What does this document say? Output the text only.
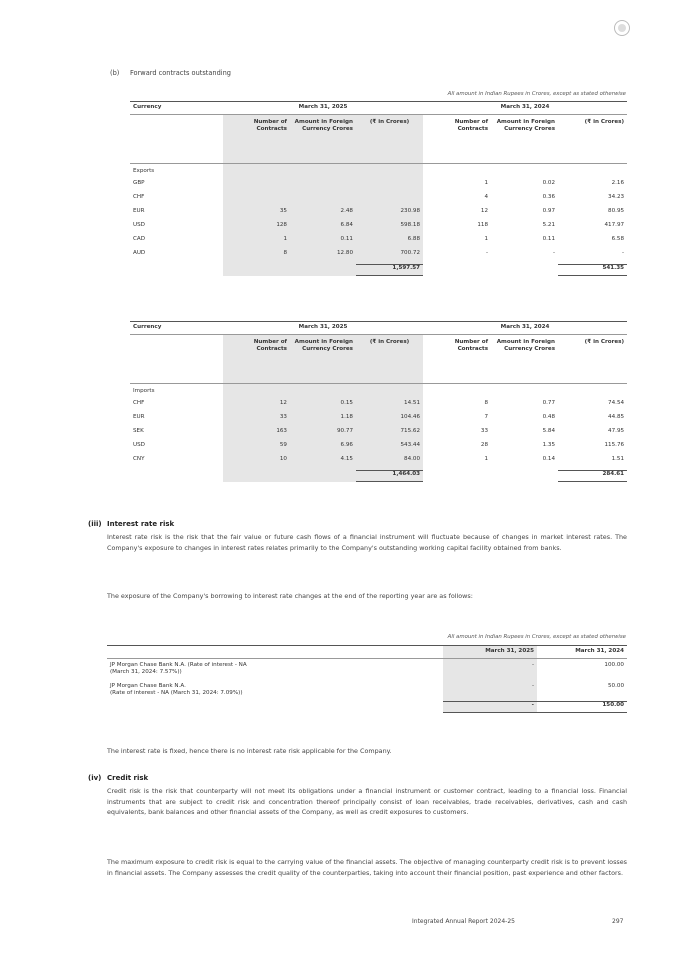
(b) Forward contracts outstanding
All amount in Indian Rupees in Crores, except as stated otherwise
Currency	March 31, 2025			March 31, 2024		
	Number of Contracts	Amount in Foreign Currency Crores	(₹ in Crores)	Number of Contracts	Amount in Foreign Currency Crores	(₹ in Crores)
Exports						
GBP				1	0.02	2.16
CHF				4	0.36	34.23
EUR	35	2.48	230.98	12	0.97	80.95
USD	128	6.84	598.18	118	5.21	417.97
CAD	1	0.11	6.88	1	0.11	6.58
AUD	8	12.80	700.72	-	-	-
			1,597.57			541.35
Currency	March 31, 2025			March 31, 2024		
	Number of Contracts	Amount in Foreign Currency Crores	(₹ in Crores)	Number of Contracts	Amount in Foreign Currency Crores	(₹ in Crores)
Imports						
CHF	12	0.15	14.51	8	0.77	74.54
EUR	33	1.18	104.46	7	0.48	44.85
SEK	163	90.77	715.62	33	5.84	47.95
USD	59	6.96	543.44	28	1.35	115.76
CNY	10	4.15	84.00	1	0.14	1.51
			1,464.03			284.61
(iii) Interest rate risk
Interest rate risk is the risk that the fair value or future cash flows of a financial instrument will fluctuate because of changes in market interest rates. The Company's exposure to changes in interest rates relates primarily to the Company's outstanding working capital facility obtained from banks.
The exposure of the Company's borrowing to interest rate changes at the end of the reporting year are as follows:
All amount in Indian Rupees in Crores, except as stated otherwise
	March 31, 2025	March 31, 2024

JP Morgan Chase Bank N.A. (Rate of interest - NA
(March 31, 2024: 7.57%))	-	100.00

JP Morgan Chase Bank N.A.
(Rate of interest - NA (March 31, 2024: 7.09%))	-	50.00
	-	150.00
The interest rate is fixed, hence there is no interest rate risk applicable for the Company.
(iv) Credit risk
Credit risk is the risk that counterparty will not meet its obligations under a financial instrument or customer contract, leading to a financial loss. Financial instruments that are subject to credit risk and concentration thereof principally consist of loan receivables, trade receivables, derivatives, cash and cash equivalents, bank balances and other financial assets of the Company, as well as credit exposures to customers.
The maximum exposure to credit risk is equal to the carrying value of the financial assets. The objective of managing counterparty credit risk is to prevent losses in financial assets. The Company assesses the credit quality of the counterparties, taking into account their financial position, past experience and other factors.
Integrated Annual Report 2024-25	297
